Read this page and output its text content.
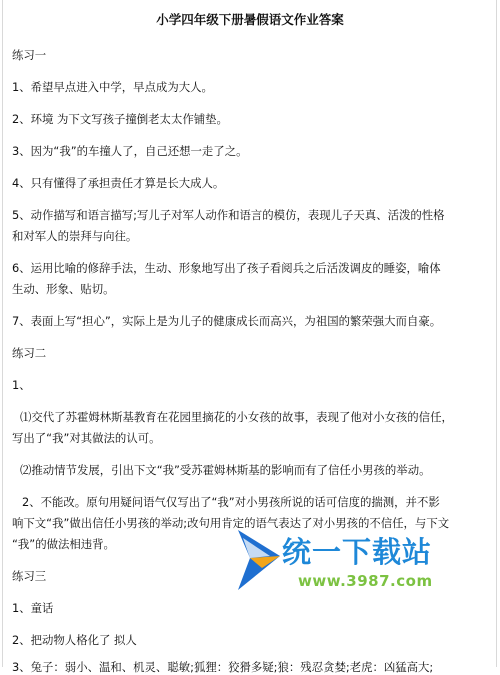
小学四年级下册暑假语文作业答案
练习一
1、希望早点进入中学，早点成为大人。
2、环境 为下文写孩子撞倒老太太作铺垫。
3、因为“我”的车撞人了，自己还想一走了之。
4、只有懂得了承担责任才算是长大成人。
5、动作描写和语言描写;写儿子对军人动作和语言的模仿，表现儿子天真、活泼的性格
和对军人的崇拜与向往。
6、运用比喻的修辞手法，生动、形象地写出了孩子看阅兵之后活泼调皮的睡姿，喻体
生动、形象、贴切。
7、表面上写“担心”，实际上是为儿子的健康成长而高兴，为祖国的繁荣强大而自豪。
练习二
1、
⑴交代了苏霍姆林斯基教育在花园里摘花的小女孩的故事，表现了他对小女孩的信任，
写出了“我”对其做法的认可。
⑵推动情节发展，引出下文“我”受苏霍姆林斯基的影响而有了信任小男孩的举动。
2、不能改。原句用疑问语气仅写出了“我”对小男孩所说的话可信度的揣测，并不影
响下文“我”做出信任小男孩的举动;改句用肯定的语气表达了对小男孩的不信任，与下文
“我”的做法相违背。
练习三
1、童话
2、把动物人格化了 拟人
3、兔子：弱小、温和、机灵、聪敏;狐狸：狡猾多疑;狼：残忍贪婪;老虎：凶猛高大;
统一下载站
www.3987.com
